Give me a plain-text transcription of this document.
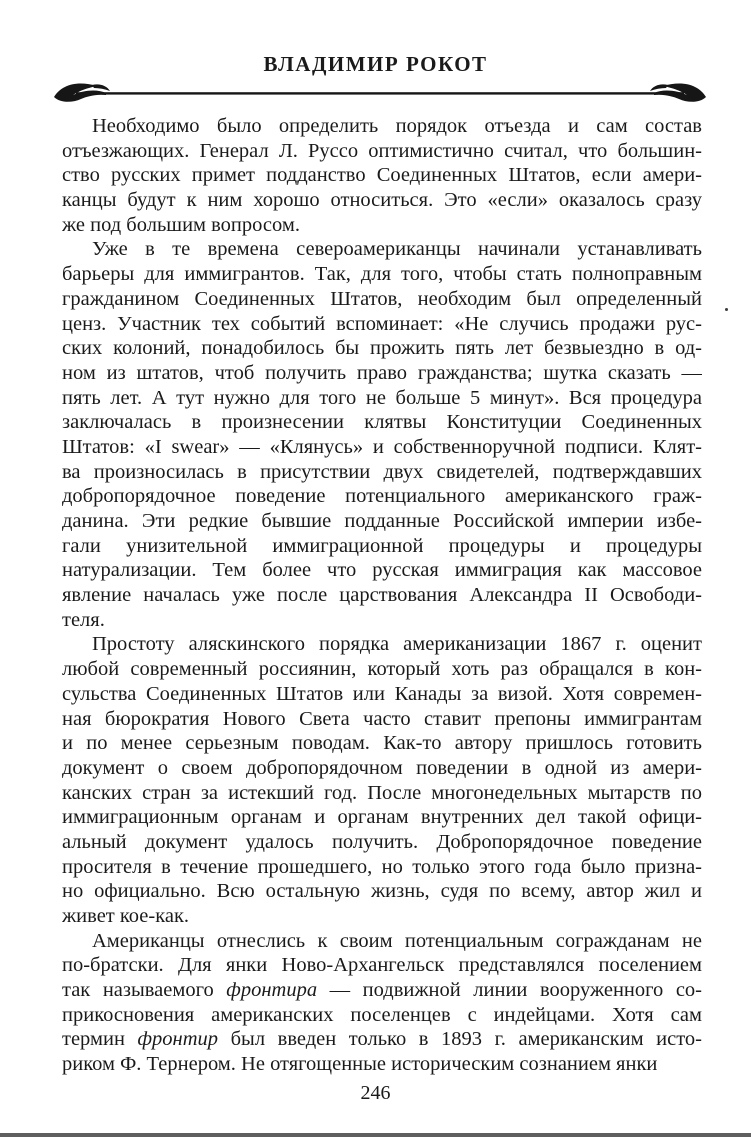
ВЛАДИМИР РОКОТ
Необходимо было определить порядок отъезда и сам состав
отъезжающих. Генерал Л. Руссо оптимистично считал, что большин-
ство русских примет подданство Соединенных Штатов, если амери-
канцы будут к ним хорошо относиться. Это «если» оказалось сразу
же под большим вопросом.
Уже в те времена североамериканцы начинали устанавливать
барьеры для иммигрантов. Так, для того, чтобы стать полноправным
гражданином Соединенных Штатов, необходим был определенный
ценз. Участник тех событий вспоминает: «Не случись продажи рус-
ских колоний, понадобилось бы прожить пять лет безвыездно в од-
ном из штатов, чтоб получить право гражданства; шутка сказать —
пять лет. А тут нужно для того не больше 5 минут». Вся процедура
заключалась в произнесении клятвы Конституции Соединенных
Штатов: «I swear» — «Клянусь» и собственноручной подписи. Клят-
ва произносилась в присутствии двух свидетелей, подтверждавших
добропорядочное поведение потенциального американского граж-
данина. Эти редкие бывшие подданные Российской империи избе-
гали унизительной иммиграционной процедуры и процедуры
натурализации. Тем более что русская иммиграция как массовое
явление началась уже после царствования Александра II Освободи-
теля.
Простоту аляскинского порядка американизации 1867 г. оценит
любой современный россиянин, который хоть раз обращался в кон-
сульства Соединенных Штатов или Канады за визой. Хотя современ-
ная бюрократия Нового Света часто ставит препоны иммигрантам
и по менее серьезным поводам. Как-то автору пришлось готовить
документ о своем добропорядочном поведении в одной из амери-
канских стран за истекший год. После многонедельных мытарств по
иммиграционным органам и органам внутренних дел такой офици-
альный документ удалось получить. Добропорядочное поведение
просителя в течение прошедшего, но только этого года было призна-
но официально. Всю остальную жизнь, судя по всему, автор жил и
живет кое-как.
Американцы отнеслись к своим потенциальным согражданам не
по-братски. Для янки Ново-Архангельск представлялся поселением
так называемого фронтира — подвижной линии вооруженного со-
прикосновения американских поселенцев с индейцами. Хотя сам
термин фронтир был введен только в 1893 г. американским исто-
риком Ф. Тернером. Не отягощенные историческим сознанием янки
246
